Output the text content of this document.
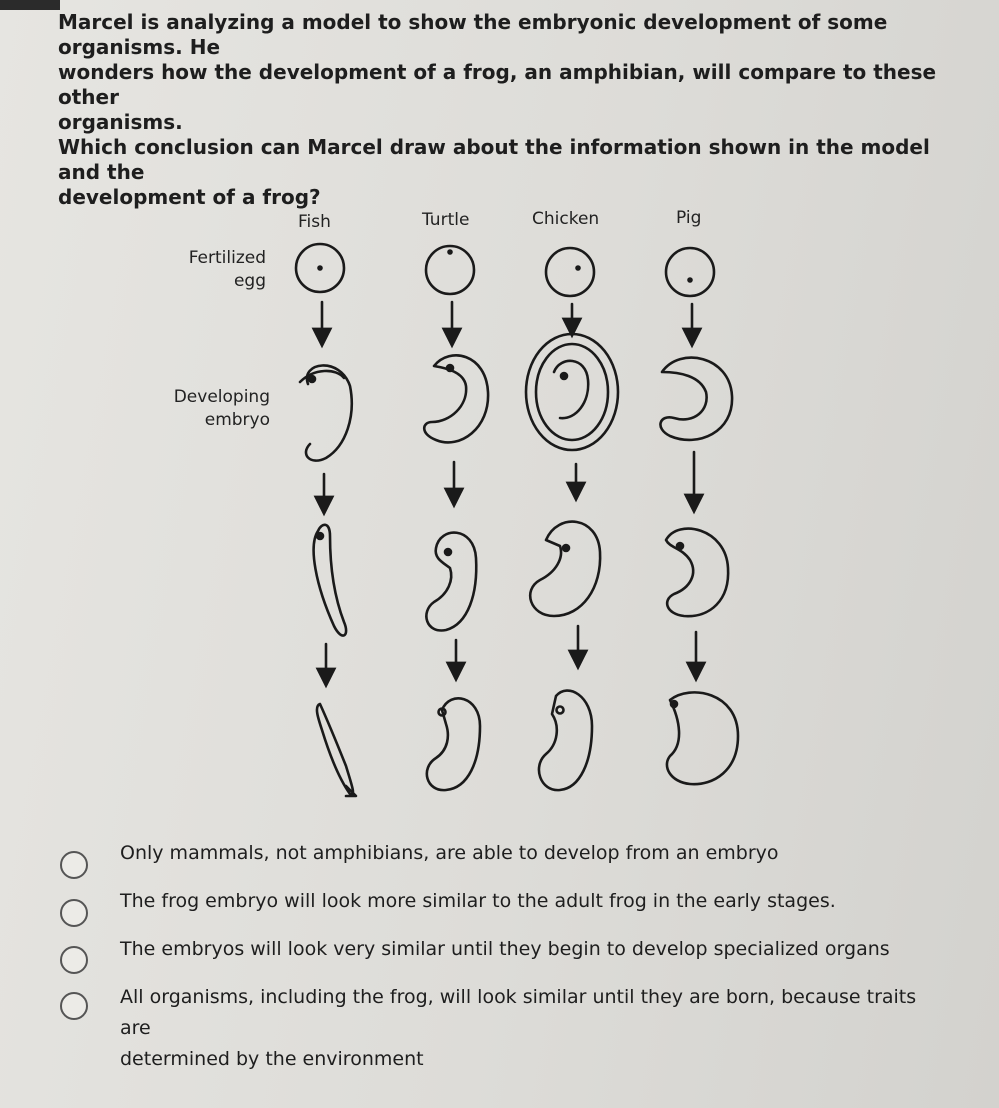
Marcel is analyzing a model to show the embryonic development of some organisms. He

wonders how the development of a frog, an amphibian, will compare to these other

organisms.

Which conclusion can Marcel draw about the information shown in the model and the

development of a frog?

Fish	Turtle	Chicken	Pig
Fertilized
egg
Developing
embryo
Only mammals, not amphibians, are able to develop from an embryo
The frog embryo will look more similar to the adult frog in the early stages.
The embryos will look very similar until they begin to develop specialized organs
All organisms, including the frog, will look similar until they are born, because traits
are
determined by the environment
